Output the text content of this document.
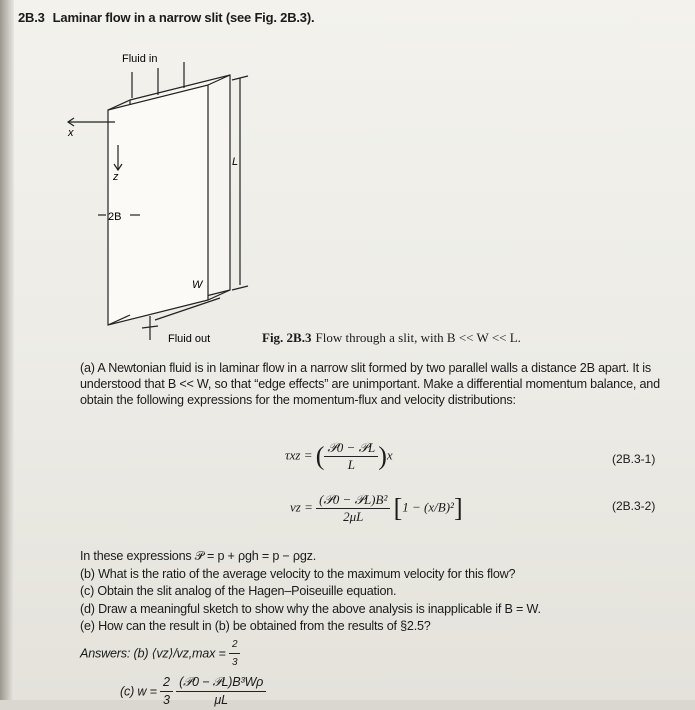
2B.3 Laminar flow in a narrow slit (see Fig. 2B.3).
Fluid in
x
z
2B
L
W
Fluid out	Fig. 2B.3 Flow through a slit, with B << W << L.
(a) A Newtonian fluid is in laminar flow in a narrow slit formed by two parallel walls a distance 2B apart. It is understood that B << W, so that “edge effects” are unimportant. Make a differential momentum balance, and obtain the following expressions for the momentum-flux and velocity distributions:
τxz = ( $\frac{\text{𝒫0 − 𝒫L}}{L} )x$	(2B.3-1)
vz = $\frac{\text{(𝒫0 − 𝒫L)B²}}{2\mu L} [1 - (x/B)^2]$	(2B.3-2)
In these expressions 𝒫 = p + ρgh = p − ρgz.
(b) What is the ratio of the average velocity to the maximum velocity for this flow?
(c) Obtain the slit analog of the Hagen–Poiseuille equation.
(d) Draw a meaningful sketch to show why the above analysis is inapplicable if B = W.
(e) How can the result in (b) be obtained from the results of §2.5?
Answers: (b) ⟨vz⟩/vz,max = $\frac{2}{3}$
(c) $w = \frac{2}{3}$
$\frac{\text{(𝒫0 − 𝒫L)B³Wρ}}{\mu L}$
